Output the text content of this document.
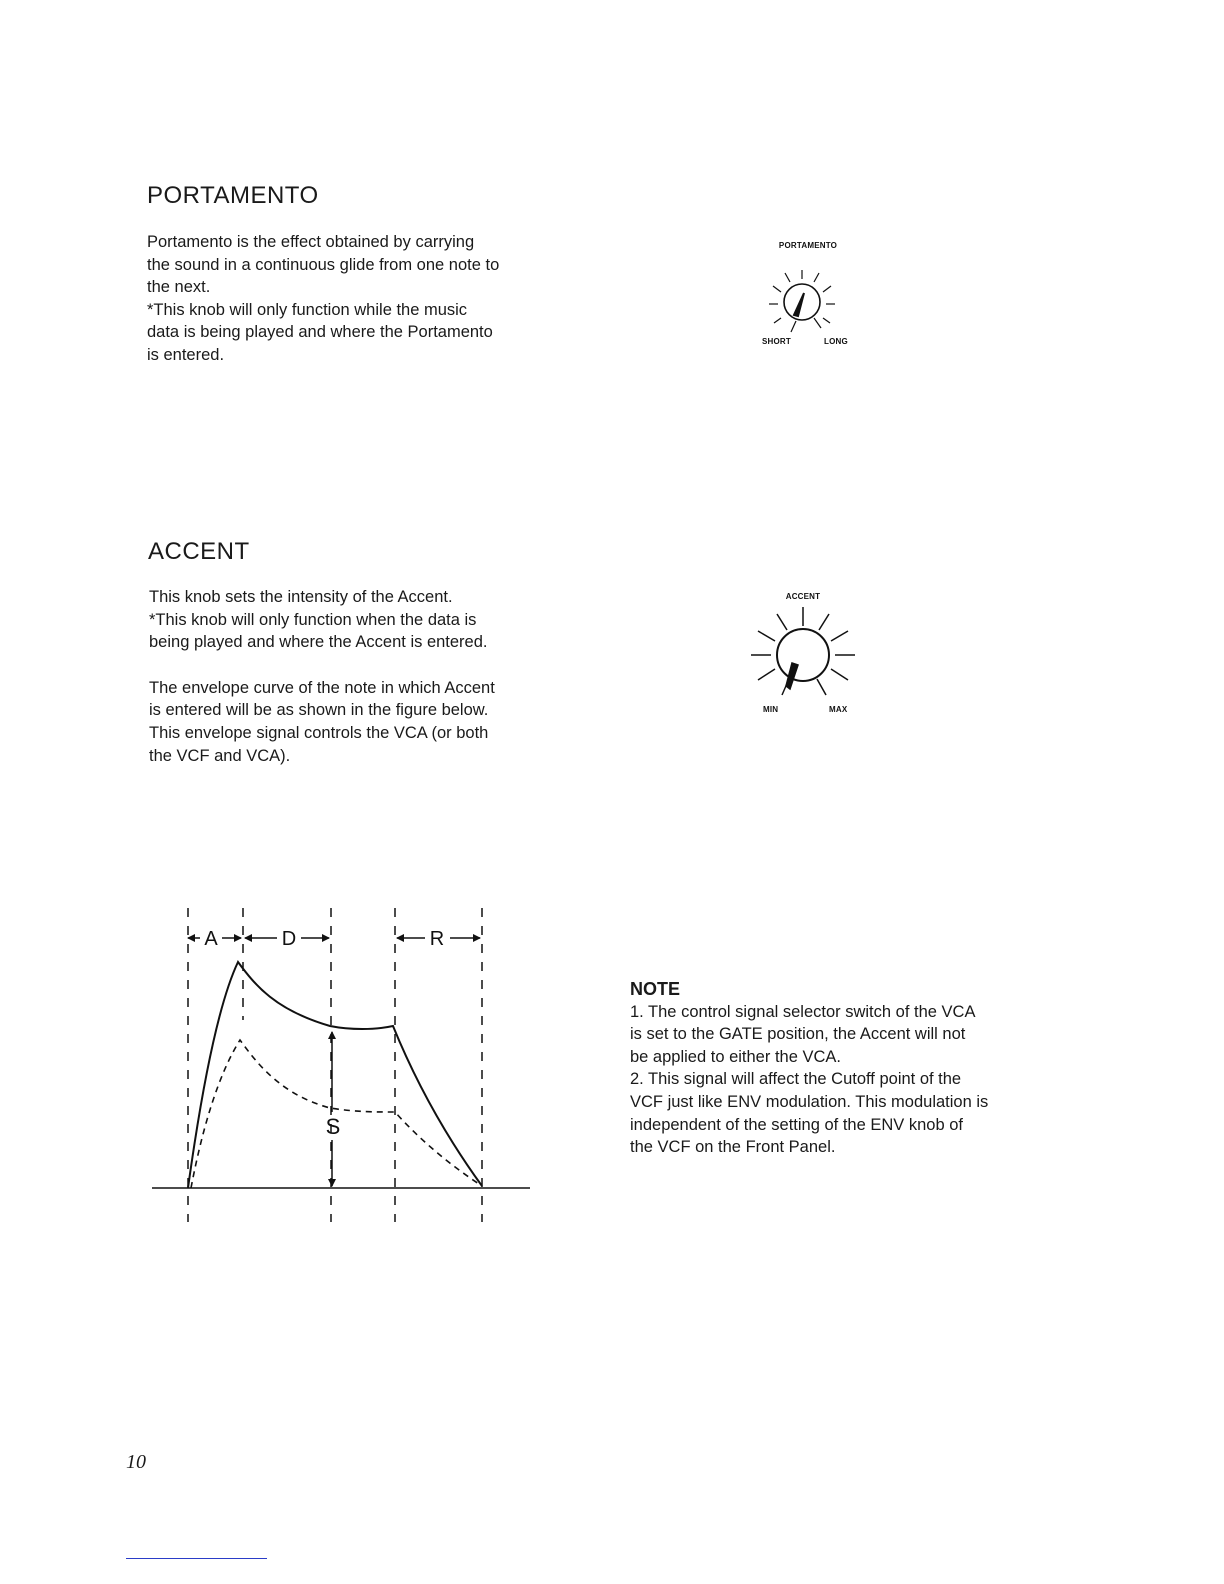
PORTAMENTO

Portamento is the effect obtained by carrying

the sound in a continuous glide from one note to

the next.

*This knob will only function while the music

data is being played and where the Portamento

is entered.

PORTAMENTO
SHORT	LONG
ACCENT

This knob sets the intensity of the Accent.

*This knob will only function when the data is

being played and where the Accent is entered.

The envelope curve of the note in which Accent

is entered will be as shown in the figure below.

This envelope signal controls the VCA (or both

the VCF and VCA).

ACCENT
MIN	MAX
A	D	R
S

NOTE

1. The control signal selector switch of the VCA

is set to the GATE position, the Accent will not

be applied to either the VCA.

2. This signal will affect the Cutoff point of the

VCF just like ENV modulation. This modulation is

independent of the setting of the ENV knob of

the VCF on the Front Panel.

10
